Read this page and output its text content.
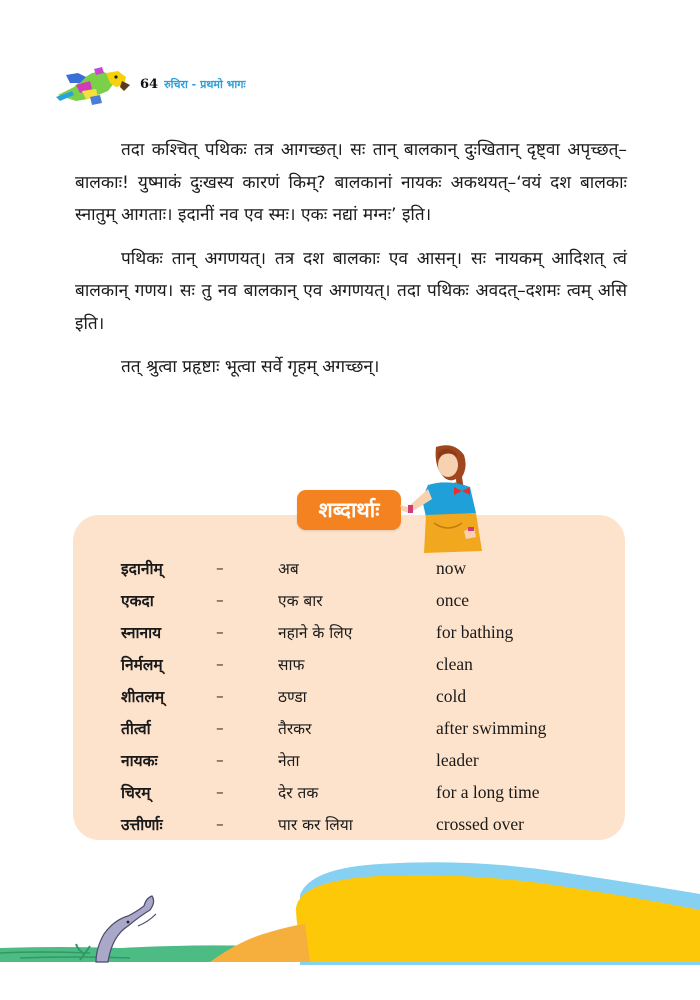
64 रुचिरा - प्रथमो भागः

तदा कश्चित् पथिकः तत्र आगच्छत्। सः तान् बालकान् दुःखितान् दृष्ट्वा अपृच्छत्–बालकाः! युष्माकं दुःखस्य कारणं किम्? बालकानां नायकः अकथयत्–‘वयं दश बालकाः स्नातुम् आगताः। इदानीं नव एव स्मः। एकः नद्यां मग्नः’ इति।

पथिकः तान् अगणयत्। तत्र दश बालकाः एव आसन्। सः नायकम् आदिशत् त्वं बालकान् गणय। सः तु नव बालकान् एव अगणयत्। तदा पथिकः अवदत्–दशमः त्वम् असि इति।

तत् श्रुत्वा प्रहृष्टाः भूत्वा सर्वे गृहम् अगच्छन्।

शब्दार्थाः
इदानीम्	–	अब	now
एकदा	–	एक बार	once
स्नानाय	–	नहाने के लिए	for bathing
निर्मलम्	–	साफ	clean
शीतलम्	–	ठण्डा	cold
तीर्त्वा	–	तैरकर	after swimming
नायकः	–	नेता	leader
चिरम्	–	देर तक	for a long time
उत्तीर्णाः	–	पार कर लिया	crossed over
